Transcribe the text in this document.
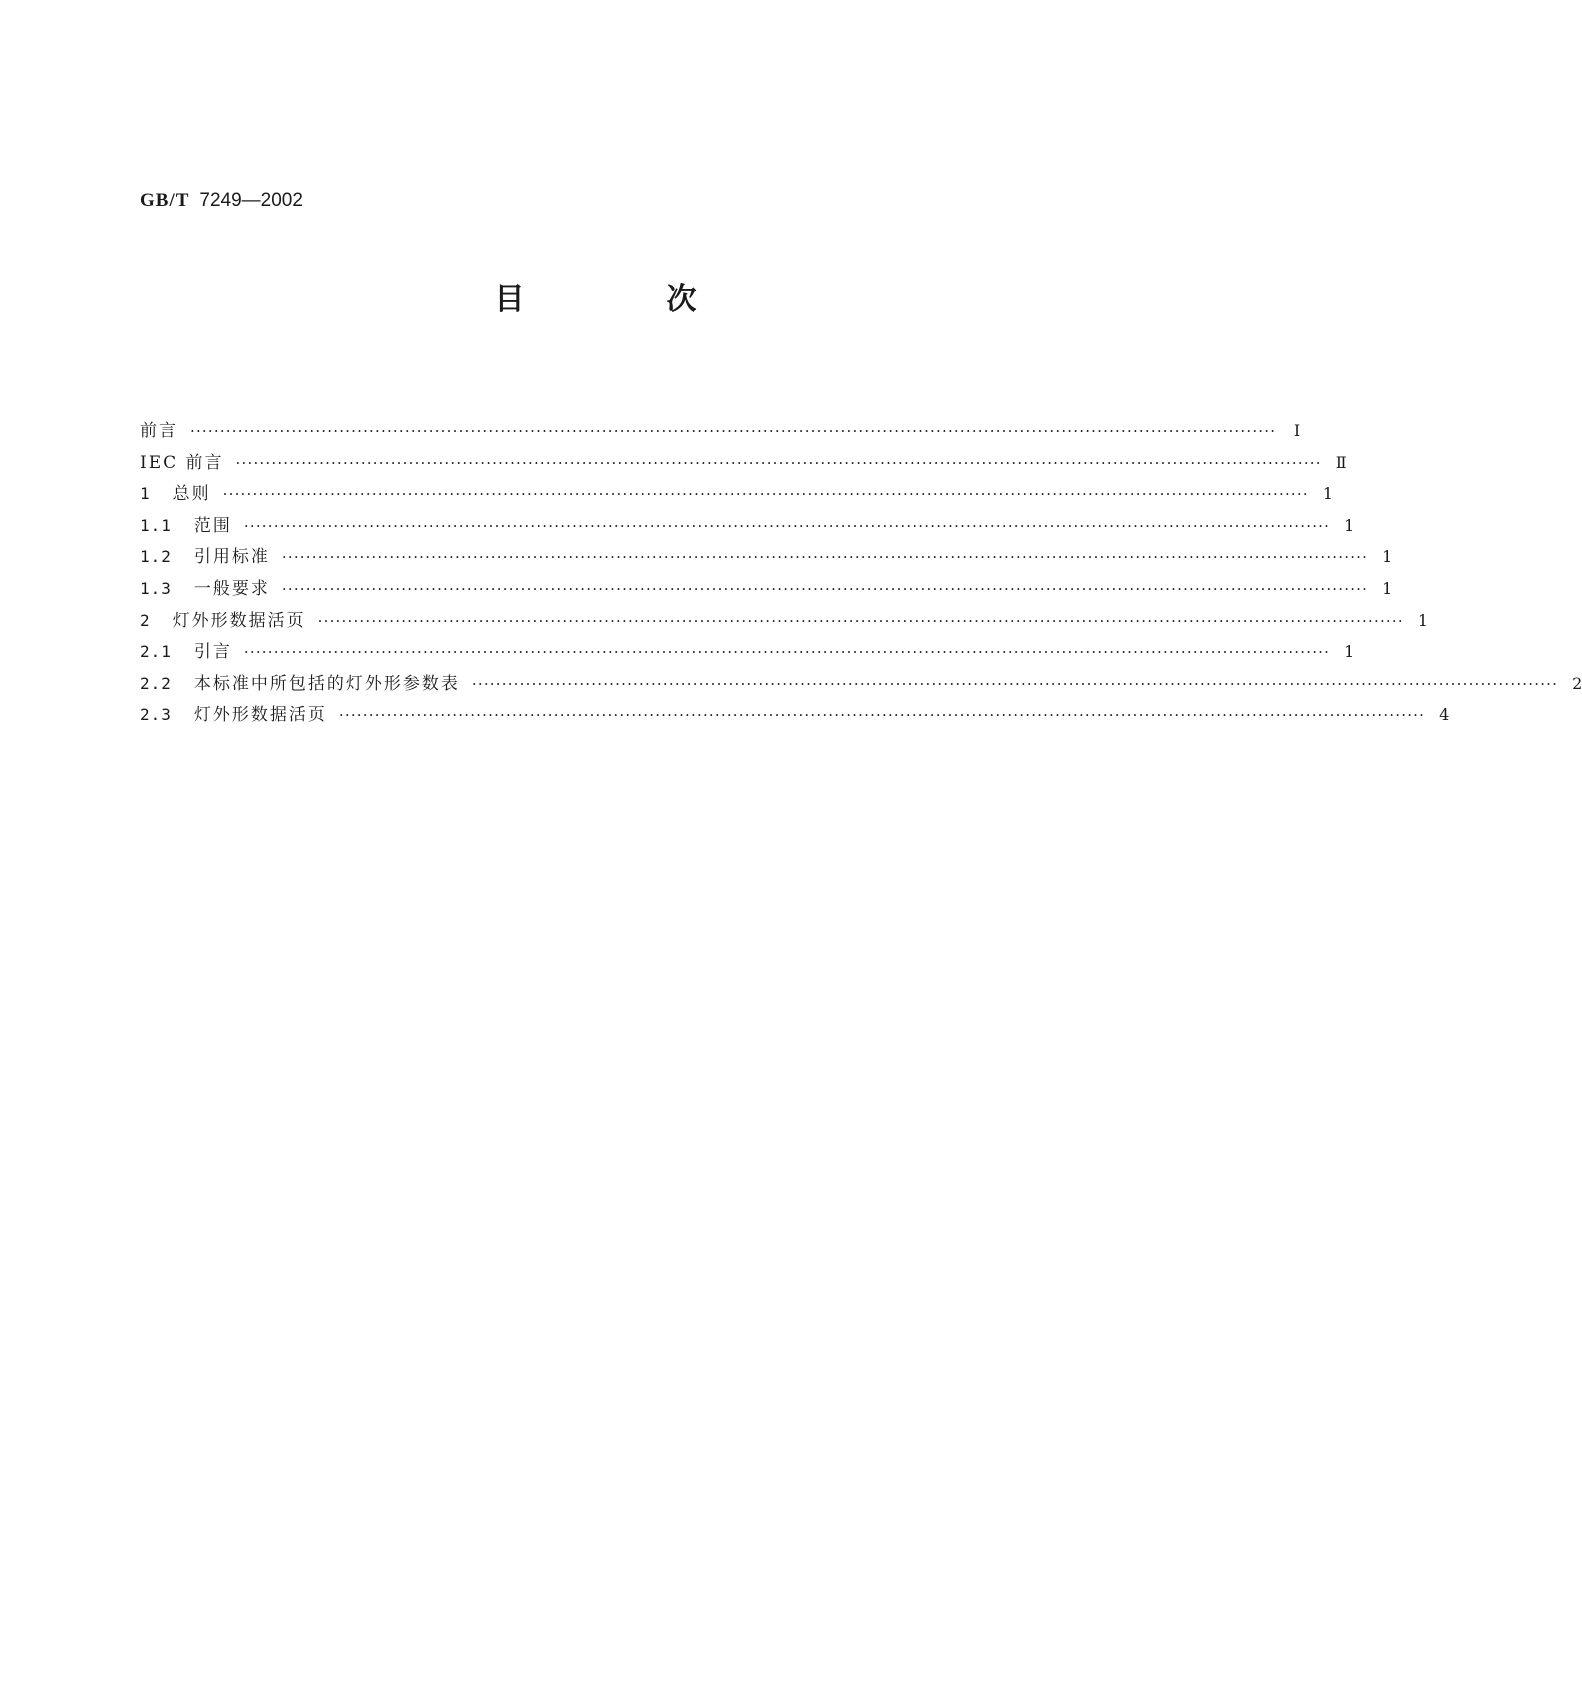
GB/T 7249—2002
目　次
前言 ······················································································································································································ Ⅰ
IEC 前言 ······················································································································································································ Ⅱ
1 总则 ······················································································································································································ 1
1.1 范围 ······················································································································································································ 1
1.2 引用标准 ······················································································································································································ 1
1.3 一般要求 ······················································································································································································ 1
2 灯外形数据活页 ······················································································································································································ 1
2.1 引言 ······················································································································································································ 1
2.2 本标准中所包括的灯外形参数表 ······················································································································································································ 2
2.3 灯外形数据活页 ······················································································································································································ 4
